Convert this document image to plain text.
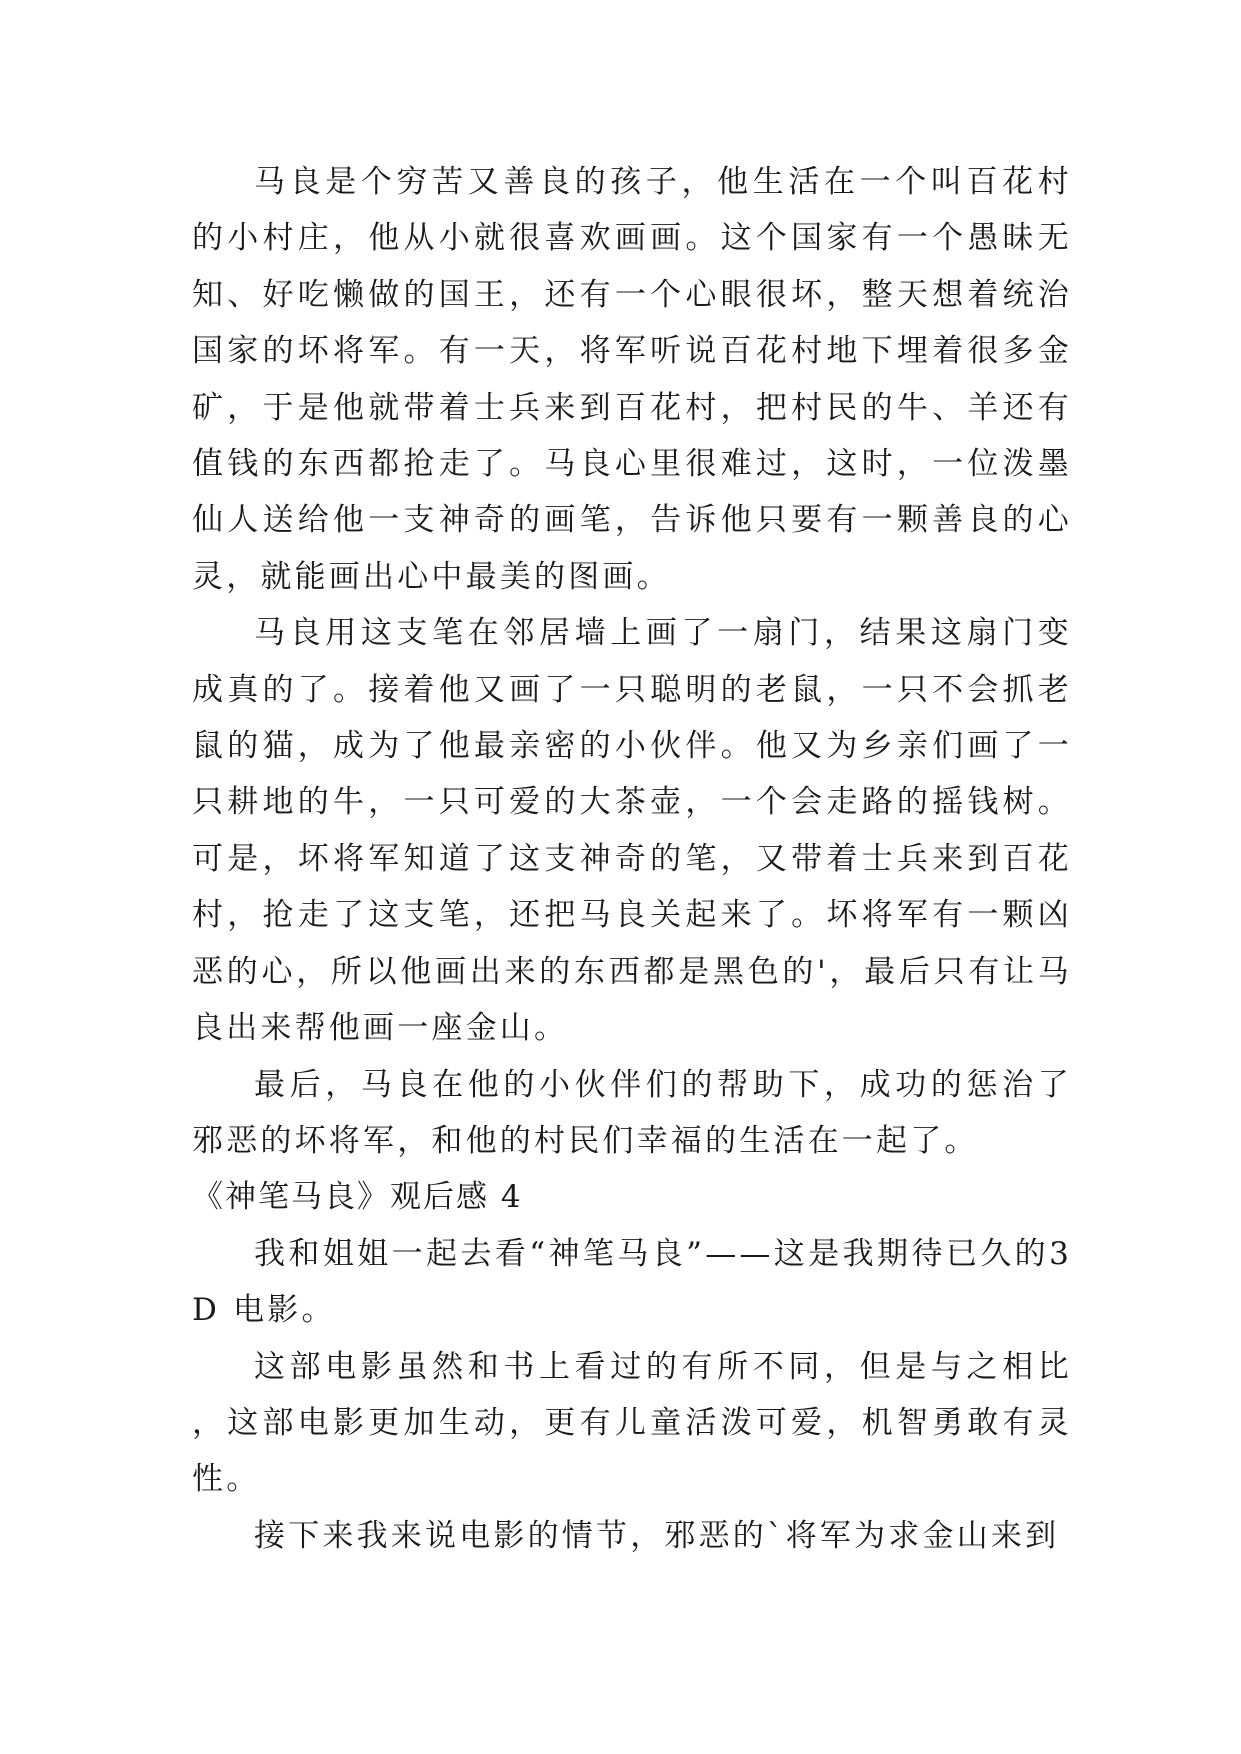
马良是个穷苦又善良的孩子，他生活在一个叫百花村的小村庄，他从小就很喜欢画画。这个国家有一个愚昧无知、好吃懒做的国王，还有一个心眼很坏，整天想着统治国家的坏将军。有一天，将军听说百花村地下埋着很多金矿，于是他就带着士兵来到百花村，把村民的牛、羊还有值钱的东西都抢走了。马良心里很难过，这时，一位泼墨仙人送给他一支神奇的画笔，告诉他只要有一颗善良的心灵，就能画出心中最美的图画。

马良用这支笔在邻居墙上画了一扇门，结果这扇门变成真的了。接着他又画了一只聪明的老鼠，一只不会抓老鼠的猫，成为了他最亲密的小伙伴。他又为乡亲们画了一只耕地的牛，一只可爱的大茶壶，一个会走路的摇钱树。可是，坏将军知道了这支神奇的笔，又带着士兵来到百花村，抢走了这支笔，还把马良关起来了。坏将军有一颗凶恶的心，所以他画出来的东西都是黑色的'，最后只有让马良出来帮他画一座金山。

最后，马良在他的小伙伴们的帮助下，成功的惩治了邪恶的坏将军，和他的村民们幸福的生活在一起了。

《神笔马良》观后感 4

我和姐姐一起去看“神笔马良”——这是我期待已久的3D 电影。

这部电影虽然和书上看过的有所不同，但是与之相比，这部电影更加生动，更有儿童活泼可爱，机智勇敢有灵性。

接下来我来说电影的情节，邪恶的`将军为求金山来到
